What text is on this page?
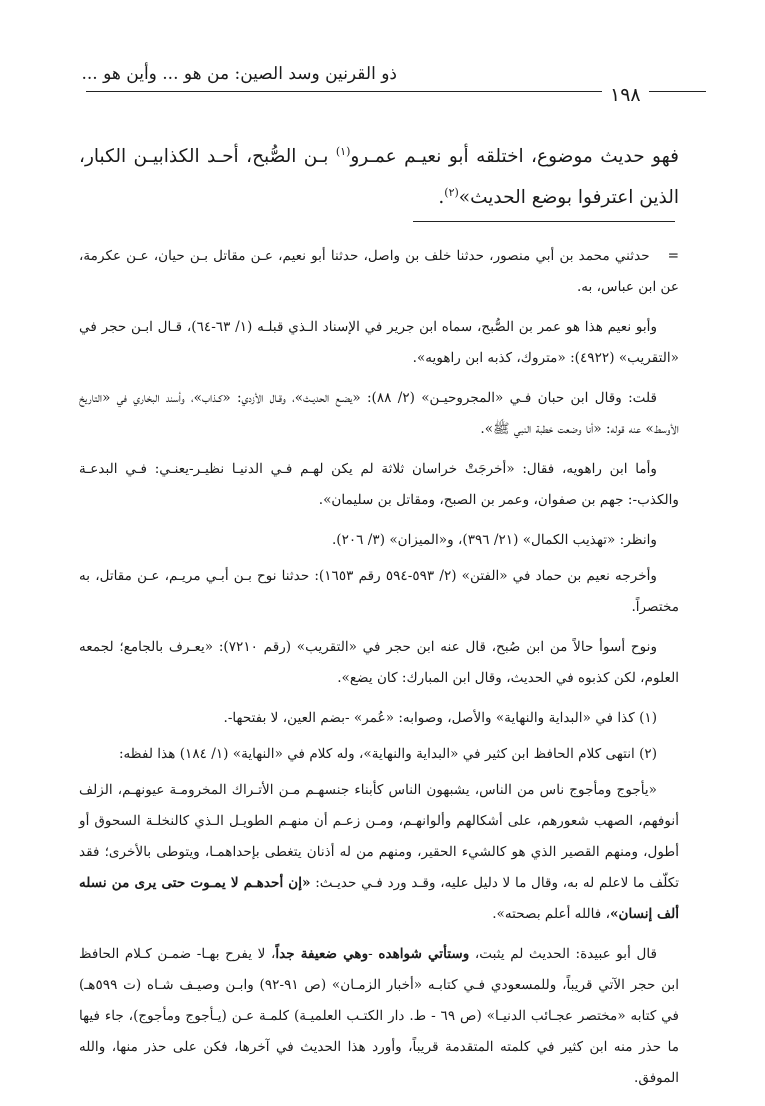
ذو القرنين وسد الصين: من هو ... وأين هو ...
١٩٨
فهو حديث موضوع، اختلقه أبو نعيـم عمـرو$^{(١)}$ بـن الصُّبح، أحـد الكذابيـن الكبار، الذين اعترفوا بوضع الحديث»$^{(٢)}$.

=حدثني محمد بن أبي منصور، حدثنا خلف بن واصل، حدثنا أبو نعيم، عـن مقاتل بـن حيان، عـن عكرمة، عن ابن عباس، به.

وأبو نعيم هذا هو عمر بن الصُّبح، سماه ابن جرير في الإسناد الـذي قبلـه (١/ ٦٣-٦٤)، قـال ابـن حجر في «التقريب» (٤٩٢٢): «متروك، كذبه ابن راهويه».

قلت: وقال ابن حبان فـي «المجروحيـن» (٢/ ٨٨): «يضـع الحديـث»، وقـال الأزدي: «كـذاب»، وأسند البخاري في «التاريخ الأوسط» عنه قوله: «أنا وضعت خطبة النبي ﷺ».

وأما ابن راهويه، فقال: «أخرجَتْ خراسان ثلاثة لم يكن لهـم فـي الدنيـا نظيـر-يعنـي: فـي البدعـة والكذب-: جهم بن صفوان، وعمر بن الصبح، ومقاتل بن سليمان».

وانظر: «تهذيب الكمال» (٢١/ ٣٩٦)، و«الميزان» (٣/ ٢٠٦).

وأخرجه نعيم بن حماد في «الفتن» (٢/ ٥٩٣-٥٩٤ رقم ١٦٥٣): حدثنا نوح بـن أبـي مريـم، عـن مقاتل، به مختصراً.

ونوح أسوأ حالاً من ابن صُبح، قال عنه ابن حجر في «التقريب» (رقم ٧٢١٠): «يعـرف بالجامع؛ لجمعه العلوم، لكن كذبوه في الحديث، وقال ابن المبارك: كان يضع».

(١) كذا في «البداية والنهاية» والأصل، وصوابه: «عُمر» -بضم العين، لا بفتحها-.

(٢) انتهى كلام الحافظ ابن كثير في «البداية والنهاية»، وله كلام في «النهاية» (١/ ١٨٤) هذا لفظه:

«يأجوج ومأجوج ناس من الناس، يشبهون الناس كأبناء جنسهـم مـن الأتـراك المخرومـة عيونهـم، الزلف أنوفهم، الصهب شعورهم، على أشكالهم وألوانهـم، ومـن زعـم أن منهـم الطويـل الـذي كالنخلـة السحوق أو أطول، ومنهم القصير الذي هو كالشيء الحقير، ومنهم من له أذنان يتغطى بإحداهمـا، ويتوطى بالأخرى؛ فقد تكلّف ما لاعلم له به، وقال ما لا دليل عليه، وقـد ورد فـي حديـث: «إن أحدهـم لا يمـوت حتى يرى من نسله ألف إنسان»، فالله أعلم بصحته».

قال أبو عبيدة: الحديث لم يثبت، وستأتي شواهده -وهي ضعيفة جداً، لا يفرح بهـا- ضمـن كـلام الحافظ ابن حجر الآتي قريباً، وللمسعودي فـي كتابـه «أخبار الزمـان» (ص ٩١-٩٢) وابـن وصيـف شـاه (ت ٥٩٩هـ) في كتابه «مختصر عجـائب الدنيـا» (ص ٦٩ - ط. دار الكتـب العلميـة) كلمـة عـن (يـأجوج ومأجوج)، جاء فيها ما حذر منه ابن كثير في كلمته المتقدمة قريباً، وأورد هذا الحديث في آخرها، فكن على حذر منها، والله الموفق.
